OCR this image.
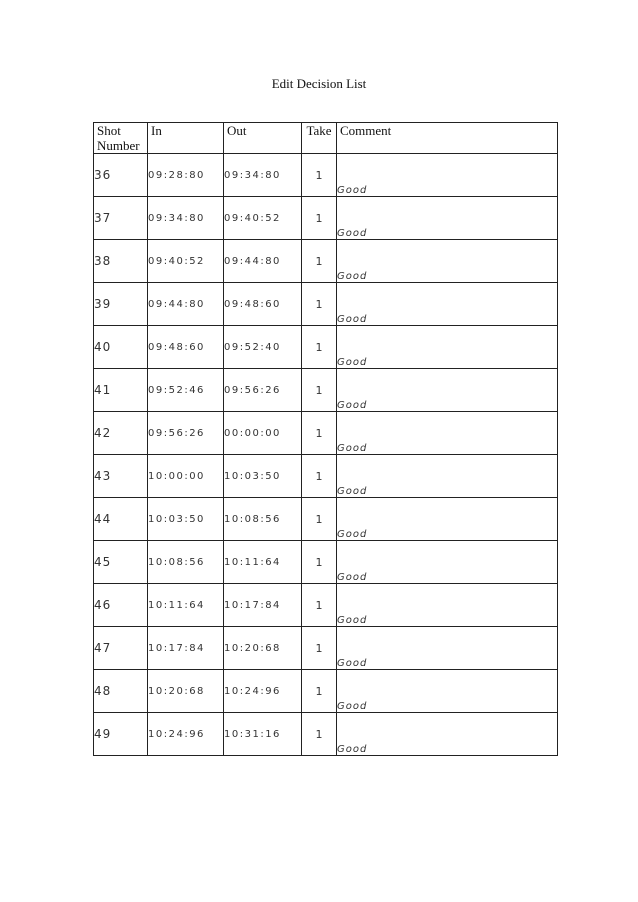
Edit Decision List
Shot Number	In	Out	Take	Comment
36	09:28:80	09:34:80	1	Good
37	09:34:80	09:40:52	1	Good
38	09:40:52	09:44:80	1	Good
39	09:44:80	09:48:60	1	Good
40	09:48:60	09:52:40	1	Good
41	09:52:46	09:56:26	1	Good
42	09:56:26	00:00:00	1	Good
43	10:00:00	10:03:50	1	Good
44	10:03:50	10:08:56	1	Good
45	10:08:56	10:11:64	1	Good
46	10:11:64	10:17:84	1	Good
47	10:17:84	10:20:68	1	Good
48	10:20:68	10:24:96	1	Good
49	10:24:96	10:31:16	1	Good
